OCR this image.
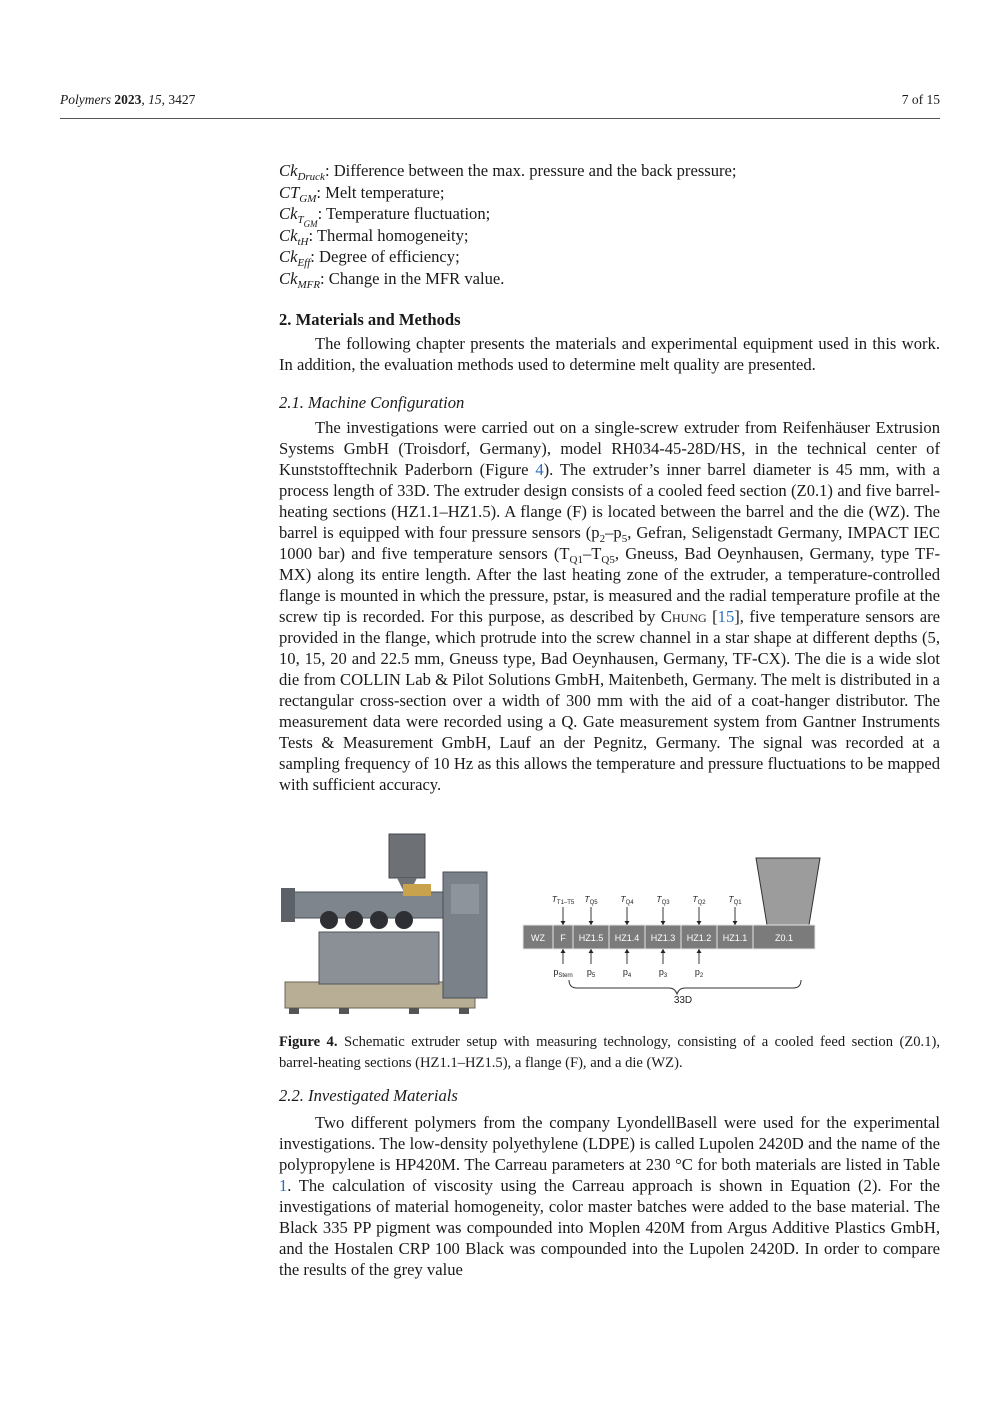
Polymers 2023, 15, 3427	7 of 15
$Ck_{Druck}$: Difference between the max. pressure and the back pressure;
$CT_{GM}$: Melt temperature;
$Ck_{T_{GM}}$: Temperature fluctuation;
$Ck_{tH}$: Thermal homogeneity;
$Ck_{Eff}$: Degree of efficiency;
$Ck_{MFR}$: Change in the MFR value.
2. Materials and Methods

The following chapter presents the materials and experimental equipment used in this work. In addition, the evaluation methods used to determine melt quality are presented.

2.1. Machine Configuration

The investigations were carried out on a single-screw extruder from Reifenhäuser Extrusion Systems GmbH (Troisdorf, Germany), model RH034-45-28D/HS, in the technical center of Kunststofftechnik Paderborn (Figure 4). The extruder’s inner barrel diameter is 45 mm, with a process length of 33D. The extruder design consists of a cooled feed section (Z0.1) and five barrel-heating sections (HZ1.1–HZ1.5). A flange (F) is located between the barrel and the die (WZ). The barrel is equipped with four pressure sensors ($p_2-p_5$, Gefran, Seligenstadt Germany, IMPACT IEC 1000 bar) and five temperature sensors ($T_{Q1}-T_{Q5}$, Gneuss, Bad Oeynhausen, Germany, type TF-MX) along its entire length. After the last heating zone of the extruder, a temperature-controlled flange is mounted in which the pressure, pstar, is measured and the radial temperature profile at the screw tip is recorded. For this purpose, as described by Chung [15], five temperature sensors are provided in the flange, which protrude into the screw channel in a star shape at different depths (5, 10, 15, 20 and 22.5 mm, Gneuss type, Bad Oeynhausen, Germany, TF-CX). The die is a wide slot die from COLLIN Lab & Pilot Solutions GmbH, Maitenbeth, Germany. The melt is distributed in a rectangular cross-section over a width of 300 mm with the aid of a coat-hanger distributor. The measurement data were recorded using a Q. Gate measurement system from Gantner Instruments Tests & Measurement GmbH, Lauf an der Pegnitz, Germany. The signal was recorded at a sampling frequency of 10 Hz as this allows the temperature and pressure fluctuations to be mapped with sufficient accuracy.

WZ F HZ1.5 HZ1.4 HZ1.3 HZ1.2 HZ1.1	Z0.1
$T_{T1-T5}$ $T_{Q5}$	$T_{Q4}$	$T_{Q3}$	$T_{Q2}$	$T_{Q1}$
$p_{Stern}$ $p_5$	$p_4$	$p_3$	$p_2$
33D
Figure 4. Schematic extruder setup with measuring technology, consisting of a cooled feed section (Z0.1), barrel-heating sections (HZ1.1–HZ1.5), a flange (F), and a die (WZ).
2.2. Investigated Materials

Two different polymers from the company LyondellBasell were used for the experimental investigations. The low-density polyethylene (LDPE) is called Lupolen 2420D and the name of the polypropylene is HP420M. The Carreau parameters at 230 °C for both materials are listed in Table 1. The calculation of viscosity using the Carreau approach is shown in Equation (2). For the investigations of material homogeneity, color master batches were added to the base material. The Black 335 PP pigment was compounded into Moplen 420M from Argus Additive Plastics GmbH, and the Hostalen CRP 100 Black was compounded into the Lupolen 2420D. In order to compare the results of the grey value
